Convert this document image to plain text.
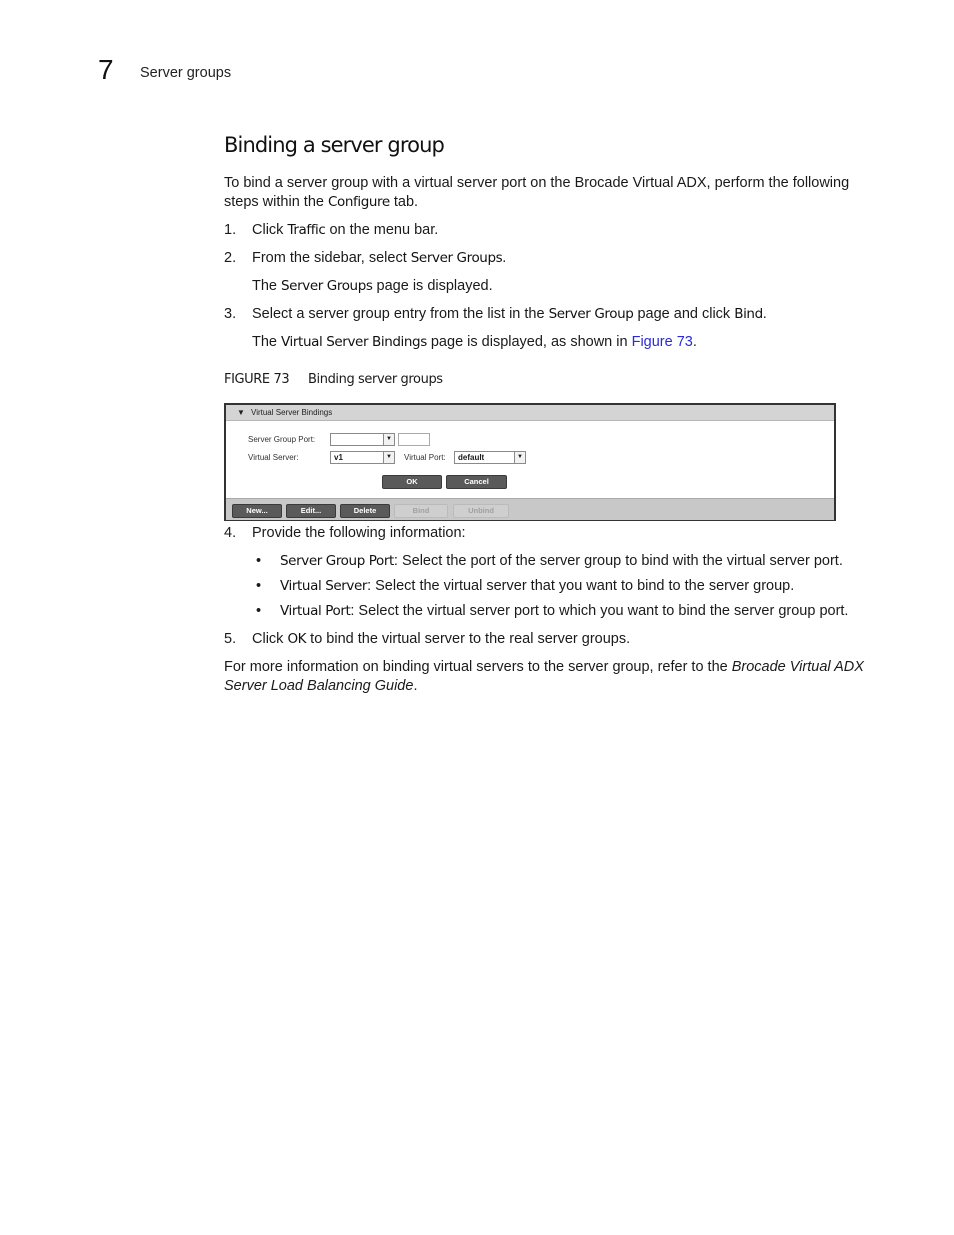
7 Server groups
Binding a server group
To bind a server group with a virtual server port on the Brocade Virtual ADX, perform the following steps within the Configure tab.
1. Click Traffic on the menu bar.
2. From the sidebar, select Server Groups.
The Server Groups page is displayed.
3. Select a server group entry from the list in the Server Group page and click Bind.
The Virtual Server Bindings page is displayed, as shown in Figure 73.
FIGURE 73 Binding server groups
▼ Virtual Server Bindings
Server Group Port:	▼
Virtual Server:	v1	▼ Virtual Port: default	▼
OK	Cancel
New...	Edit...	Delete	Bind	Unbind
4. Provide the following information:
• Server Group Port: Select the port of the server group to bind with the virtual server port.
• Virtual Server: Select the virtual server that you want to bind to the server group.
• Virtual Port: Select the virtual server port to which you want to bind the server group port.
5. Click OK to bind the virtual server to the real server groups.
For more information on binding virtual servers to the server group, refer to the Brocade Virtual ADX Server Load Balancing Guide.
